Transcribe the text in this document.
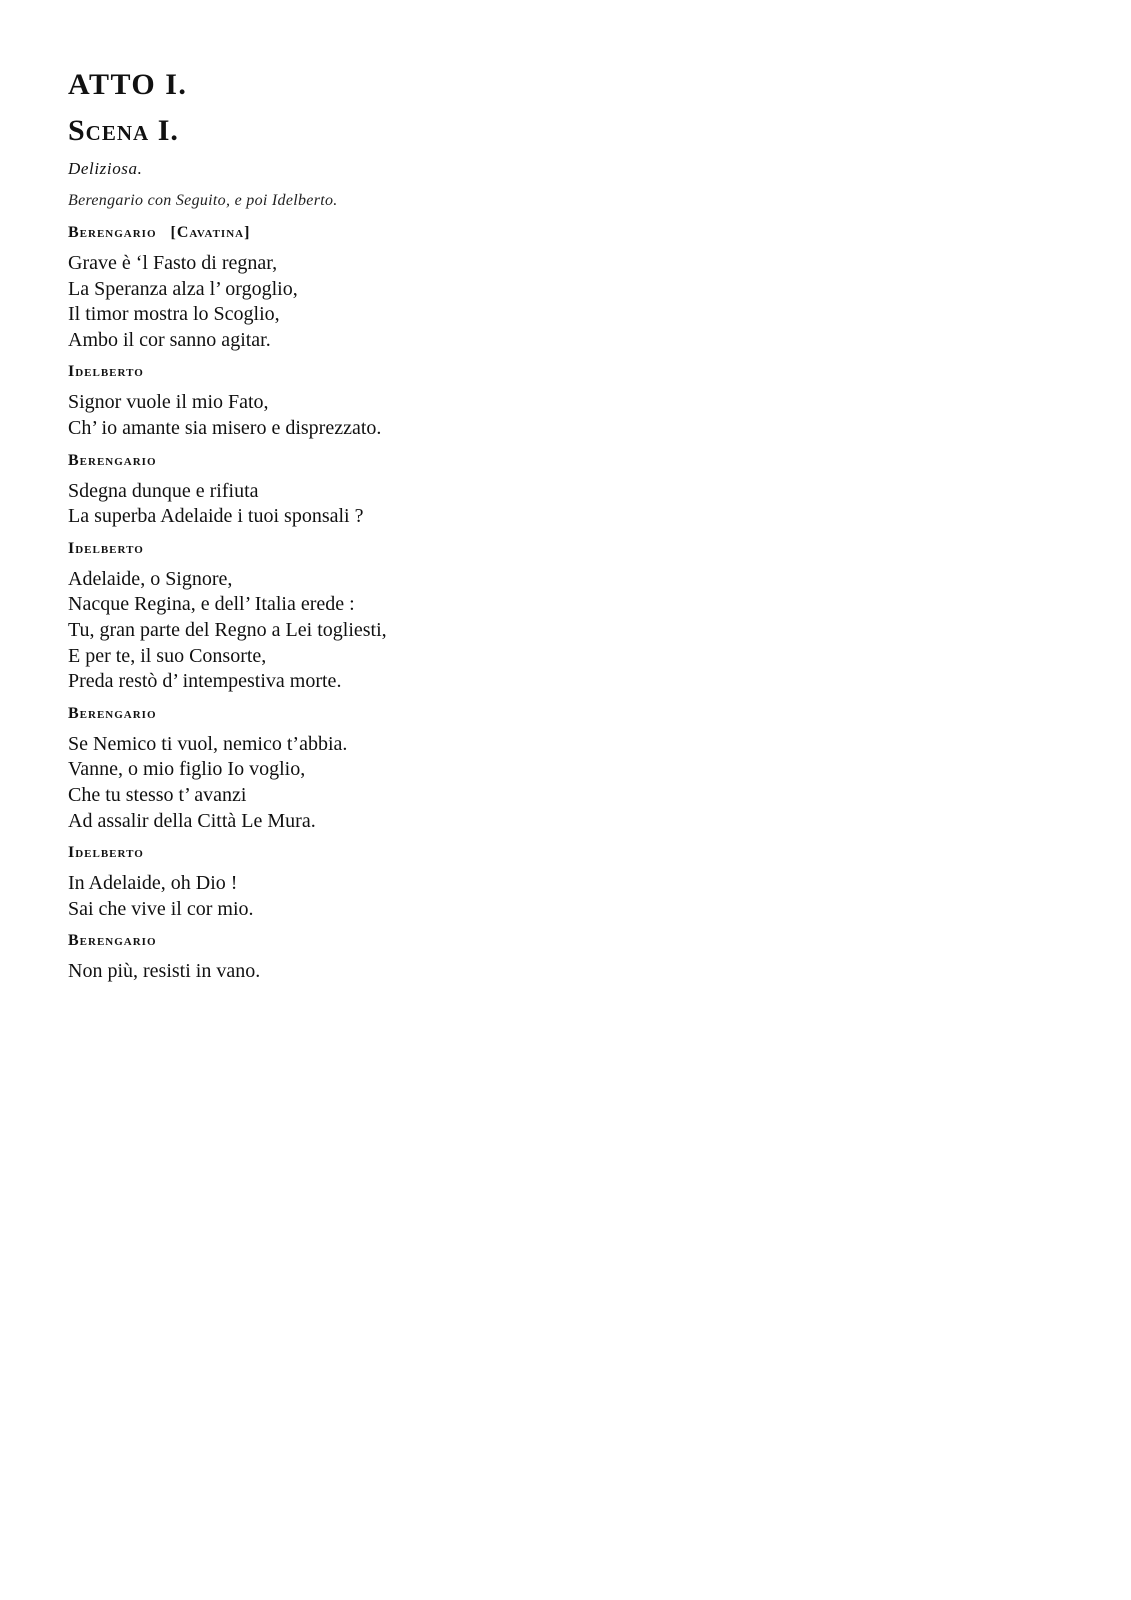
ATTO I.
Scena I.
Deliziosa.
Berengario con Seguito, e poi Idelberto.
Berengario [Cavatina]
Grave è ‘l Fasto di regnar,
La Speranza alza l’ orgoglio,
Il timor mostra lo Scoglio,
Ambo il cor sanno agitar.
Idelberto
Signor vuole il mio Fato,
Ch’ io amante sia misero e disprezzato.
Berengario
Sdegna dunque e rifiuta
La superba Adelaide i tuoi sponsali ?
Idelberto
Adelaide, o Signore,
Nacque Regina, e dell’ Italia erede :
Tu, gran parte del Regno a Lei togliesti,
E per te, il suo Consorte,
Preda restò d’ intempestiva morte.
Berengario
Se Nemico ti vuol, nemico t’abbia.
Vanne, o mio figlio Io voglio,
Che tu stesso t’ avanzi
Ad assalir della Città Le Mura.
Idelberto
In Adelaide, oh Dio !
Sai che vive il cor mio.
Berengario
Non più, resisti in vano.
